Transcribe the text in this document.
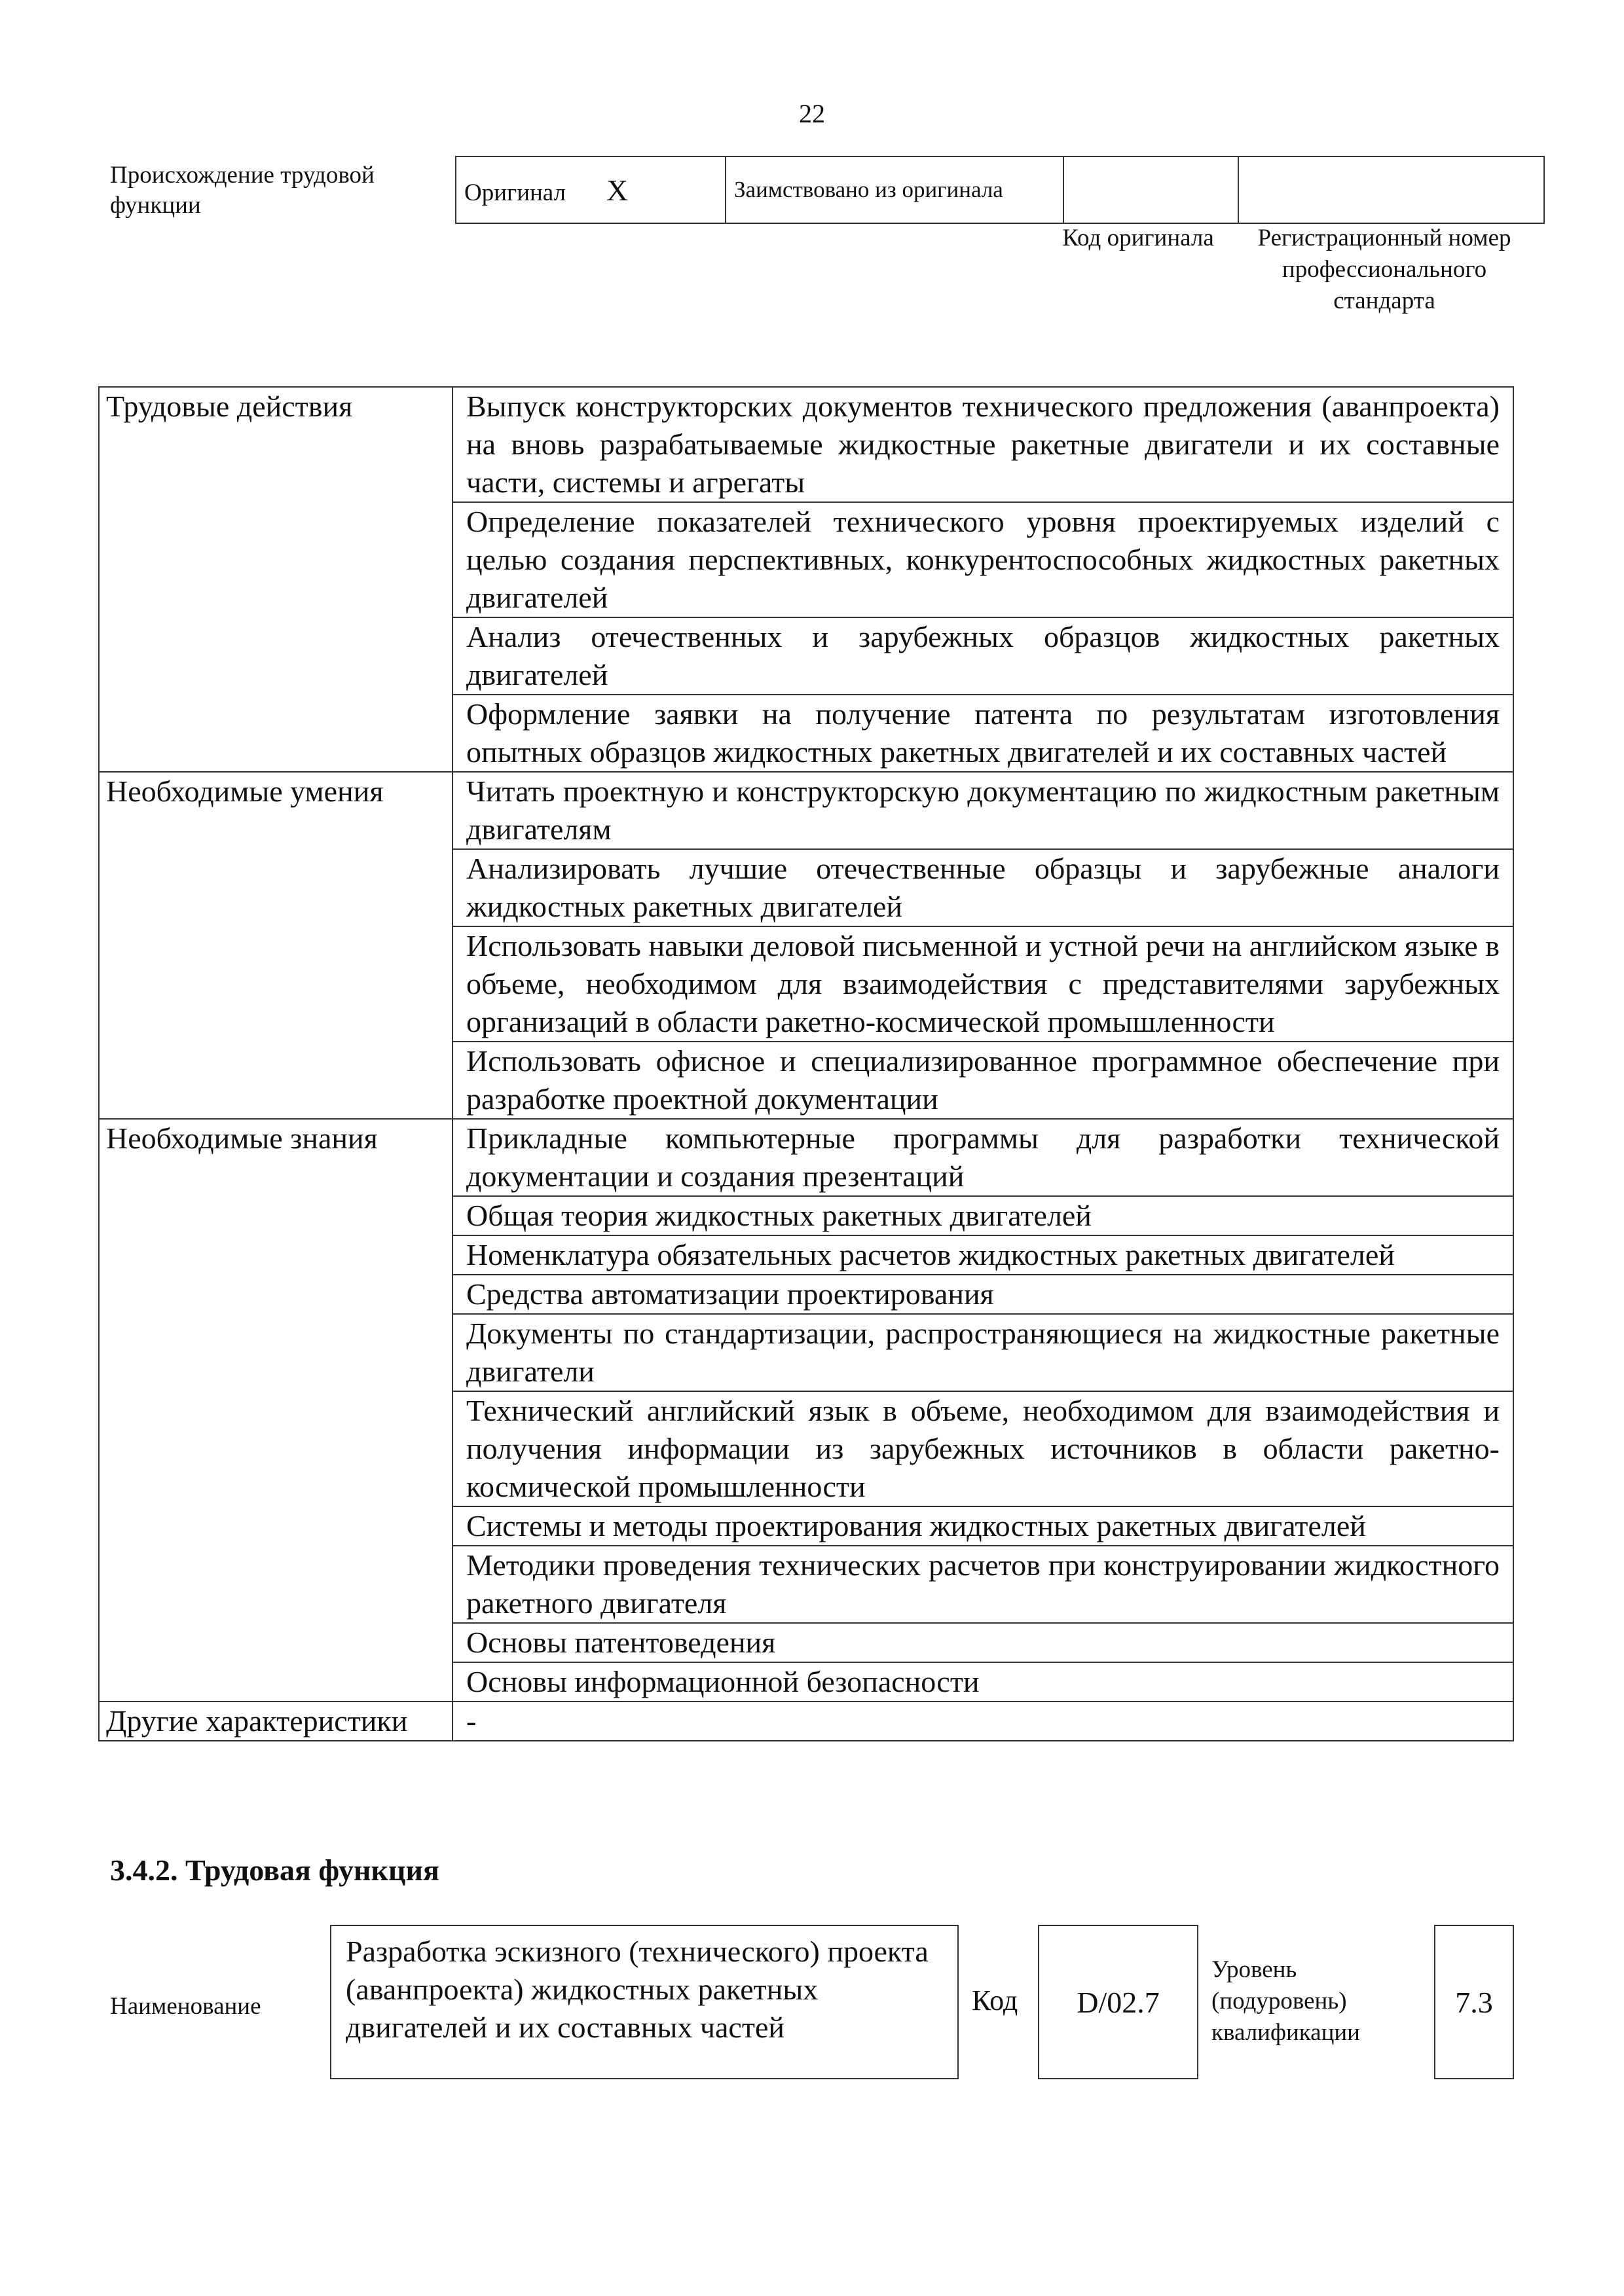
22
Происхождение трудовой функции	Оригинал X	Заимствовано из оригинала		
Код оригинала	Регистрационный номер профессионального стандарта
Трудовые действия	Выпуск конструкторских документов технического предложения (аванпроекта) на вновь разрабатываемые жидкостные ракетные двигатели и их составные части, системы и агрегаты
	Определение показателей технического уровня проектируемых изделий с целью создания перспективных, конкурентоспособных жидкостных ракетных двигателей
	Анализ отечественных и зарубежных образцов жидкостных ракетных двигателей
	Оформление заявки на получение патента по результатам изготовления опытных образцов жидкостных ракетных двигателей и их составных частей
Необходимые умения	Читать проектную и конструкторскую документацию по жидкостным ракетным двигателям
	Анализировать лучшие отечественные образцы и зарубежные аналоги жидкостных ракетных двигателей
	Использовать навыки деловой письменной и устной речи на английском языке в объеме, необходимом для взаимодействия с представителями зарубежных организаций в области ракетно-космической промышленности
	Использовать офисное и специализированное программное обеспечение при разработке проектной документации
Необходимые знания	Прикладные компьютерные программы для разработки технической документации и создания презентаций
	Общая теория жидкостных ракетных двигателей
	Номенклатура обязательных расчетов жидкостных ракетных двигателей
	Средства автоматизации проектирования
	Документы по стандартизации, распространяющиеся на жидкостные ракетные двигатели
	Технический английский язык в объеме, необходимом для взаимодействия и получения информации из зарубежных источников в области ракетно-космической промышленности
	Системы и методы проектирования жидкостных ракетных двигателей
	Методики проведения технических расчетов при конструировании жидкостного ракетного двигателя
	Основы патентоведения
	Основы информационной безопасности
Другие характеристики	-
3.4.2. Трудовая функция
Наименование
Разработка эскизного (технического) проекта (аванпроекта) жидкостных ракетных двигателей и их составных частей
Код	D/02.7
Уровень (подуровень) квалификации
7.3
